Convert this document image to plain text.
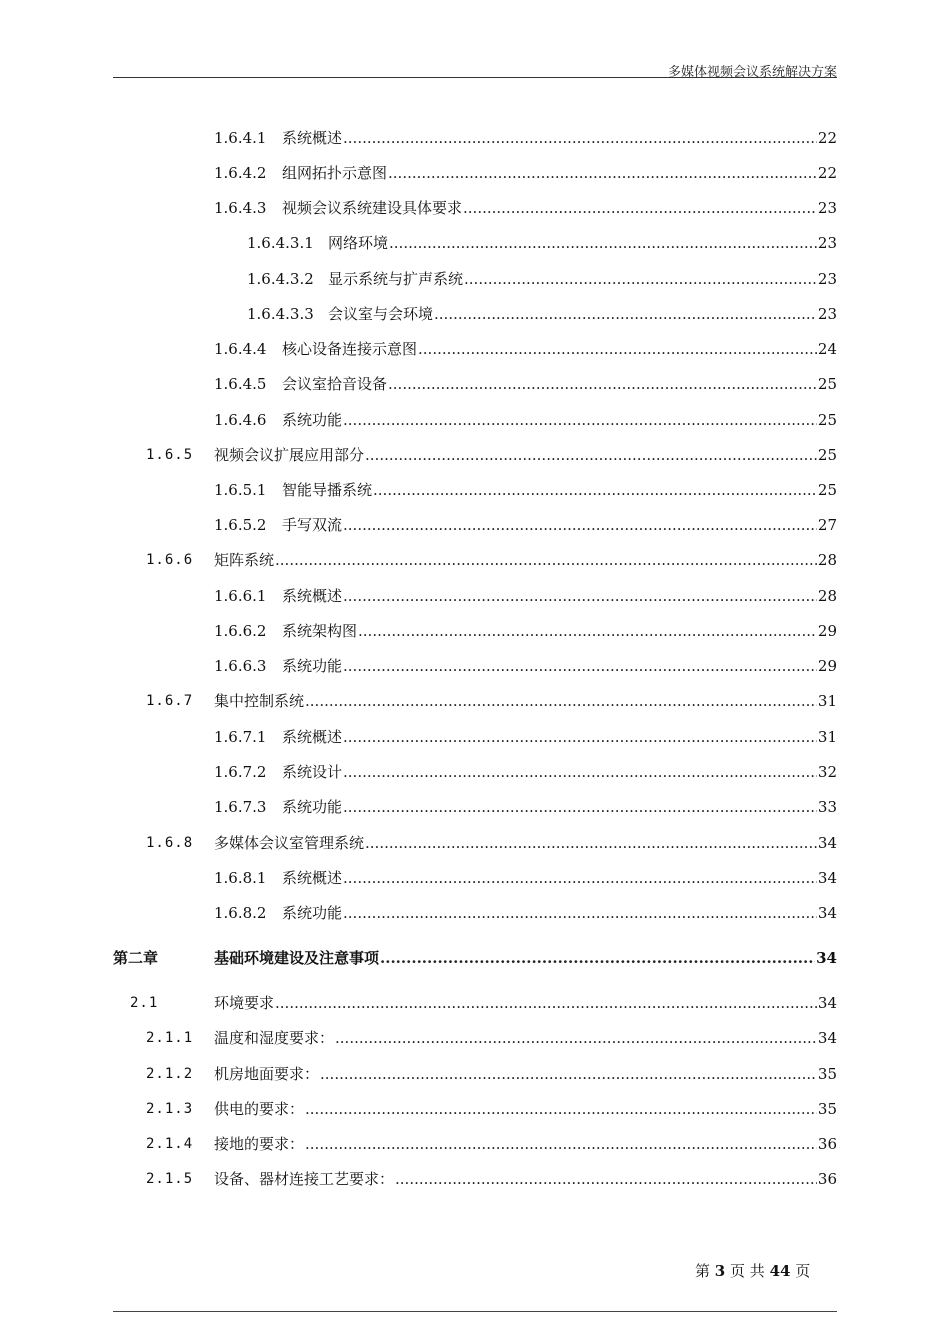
多媒体视频会议系统解决方案
1.6.4.1 系统概述 .....	22
1.6.4.2 组网拓扑示意图 .....	22
1.6.4.3 视频会议系统建设具体要求 .....	23
1.6.4.3.1 网络环境 .....	23
1.6.4.3.2 显示系统与扩声系统 .....	23
1.6.4.3.3 会议室与会环境 .....	23
1.6.4.4 核心设备连接示意图 .....	24
1.6.4.5 会议室拾音设备 .....	25
1.6.4.6 系统功能 .....	25
1.6.5 视频会议扩展应用部分 .....	25
1.6.5.1 智能导播系统 .....	25
1.6.5.2 手写双流 .....	27
1.6.6 矩阵系统 .....	28
1.6.6.1 系统概述 .....	28
1.6.6.2 系统架构图 .....	29
1.6.6.3 系统功能 .....	29
1.6.7 集中控制系统 .....	31
1.6.7.1 系统概述 .....	31
1.6.7.2 系统设计 .....	32
1.6.7.3 系统功能 .....	33
1.6.8 多媒体会议室管理系统 .....	34
1.6.8.1 系统概述 .....	34
1.6.8.2 系统功能 .....	34
第二章	基础环境建设及注意事项 .....	34
2.1	环境要求 .....	34
2.1.1 温度和湿度要求： .....	34
2.1.2 机房地面要求： .....	35
2.1.3 供电的要求： .....	35
2.1.4 接地的要求： .....	36
2.1.5 设备、器材连接工艺要求： .....	36
第 3 页 共 44 页
